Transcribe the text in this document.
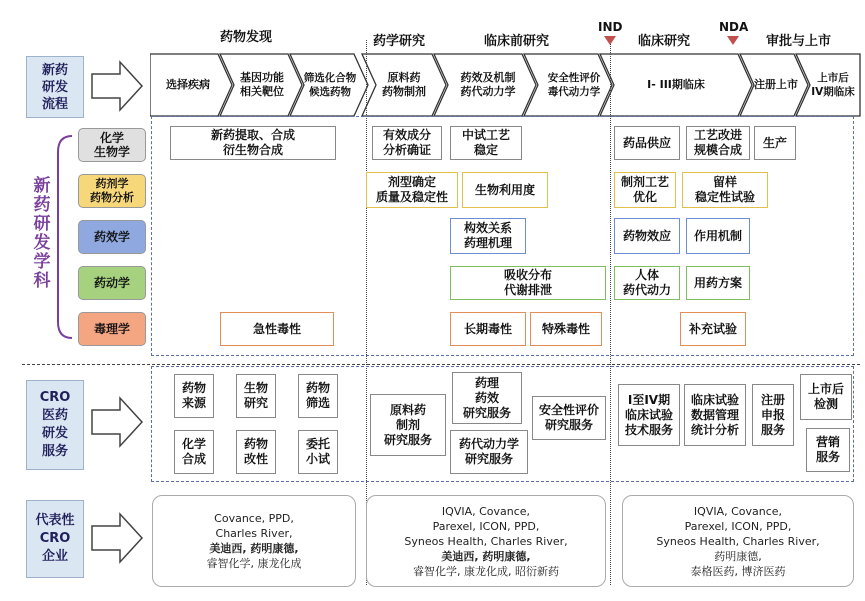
药物发现	药学研究	临床前研究
IND
临床研究
NDA
审批与上市
新药
研发
流程
选择疾病
基因功能
相关靶位
筛选化合物
候选药物
原料药
药物制剂
药效及机制
药代动力学
安全性评价
毒代动力学
I- III期临床	注册上市	上市后
IV期临床
新药研发学科
化学
生物学
药剂学
药物分析
药效学
药动学
毒理学
新药提取、合成
衍生物合成
有效成分
分析确证
中试工艺
稳定
药品供应
工艺改进
规模合成
生产
剂型确定
质量及稳定性
生物利用度
制剂工艺
优化
留样
稳定性试验
构效关系
药理机理
药物效应	作用机制
吸收分布
代谢排泄
人体
药代动力
用药方案
急性毒性	长期毒性	特殊毒性	补充试验
CRO
医药
研发
服务
药物
来源
生物
研究
药物
筛选
化学
合成
药物
改性
委托
小试
原料药
制剂
研究服务
药理
药效
研究服务
药代动力学
研究服务
安全性评价
研究服务
I至IV期
临床试验
技术服务
临床试验
数据管理
统计分析
注册
申报
服务
上市后
检测
营销
服务
代表性
CRO
企业
Covance, PPD,
Charles River,
美迪西, 药明康德,
睿智化学, 康龙化成
IQVIA, Covance,
Parexel, ICON, PPD,
Syneos Health, Charles River,
美迪西, 药明康德,
睿智化学, 康龙化成, 昭衍新药
IQVIA, Covance,
Parexel, ICON, PPD,
Syneos Health, Charles River,
药明康德,
泰格医药, 博济医药
